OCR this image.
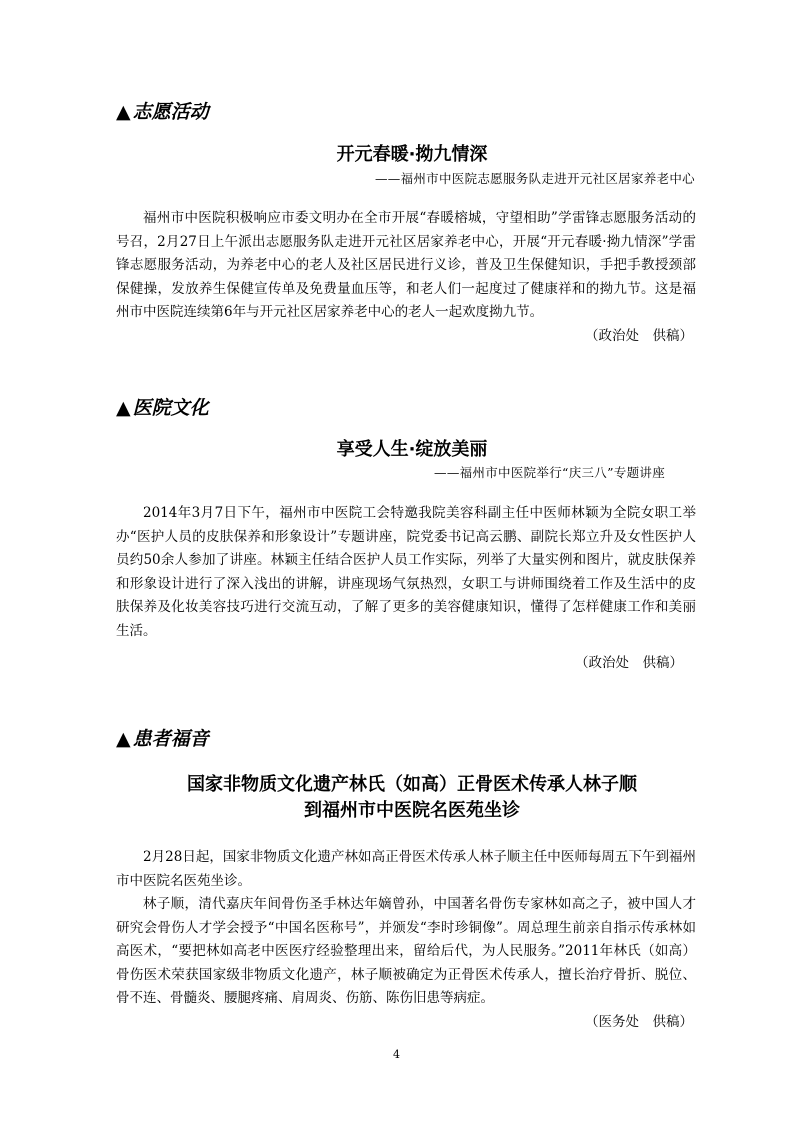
▲ 志愿活动
开元春暖·拗九情深
——福州市中医院志愿服务队走进开元社区居家养老中心

福州市中医院积极响应市委文明办在全市开展“春暖榕城，守望相助”学雷锋志愿服务活动的号召，2月27日上午派出志愿服务队走进开元社区居家养老中心，开展“开元春暖·拗九情深”学雷锋志愿服务活动，为养老中心的老人及社区居民进行义诊，普及卫生保健知识，手把手教授颈部保健操，发放养生保健宣传单及免费量血压等，和老人们一起度过了健康祥和的拗九节。这是福州市中医院连续第6年与开元社区居家养老中心的老人一起欢度拗九节。

（政治处　供稿）
▲ 医院文化
享受人生·绽放美丽
——福州市中医院举行“庆三八”专题讲座

2014年3月7日下午，福州市中医院工会特邀我院美容科副主任中医师林颖为全院女职工举办“医护人员的皮肤保养和形象设计”专题讲座，院党委书记高云鹏、副院长郑立升及女性医护人员约50余人参加了讲座。林颖主任结合医护人员工作实际，列举了大量实例和图片，就皮肤保养和形象设计进行了深入浅出的讲解，讲座现场气氛热烈，女职工与讲师围绕着工作及生活中的皮肤保养及化妆美容技巧进行交流互动，了解了更多的美容健康知识，懂得了怎样健康工作和美丽生活。

（政治处　供稿）
▲ 患者福音
国家非物质文化遗产林氏（如高）正骨医术传承人林子顺
到福州市中医院名医苑坐诊

2月28日起，国家非物质文化遗产林如高正骨医术传承人林子顺主任中医师每周五下午到福州市中医院名医苑坐诊。

林子顺，清代嘉庆年间骨伤圣手林达年嫡曾孙，中国著名骨伤专家林如高之子，被中国人才研究会骨伤人才学会授予“中国名医称号”，并颁发“李时珍铜像”。周总理生前亲自指示传承林如高医术，“要把林如高老中医医疗经验整理出来，留给后代，为人民服务。”2011年林氏（如高）骨伤医术荣获国家级非物质文化遗产，林子顺被确定为正骨医术传承人，擅长治疗骨折、脱位、骨不连、骨髓炎、腰腿疼痛、肩周炎、伤筋、陈伤旧患等病症。

（医务处　供稿）
4
